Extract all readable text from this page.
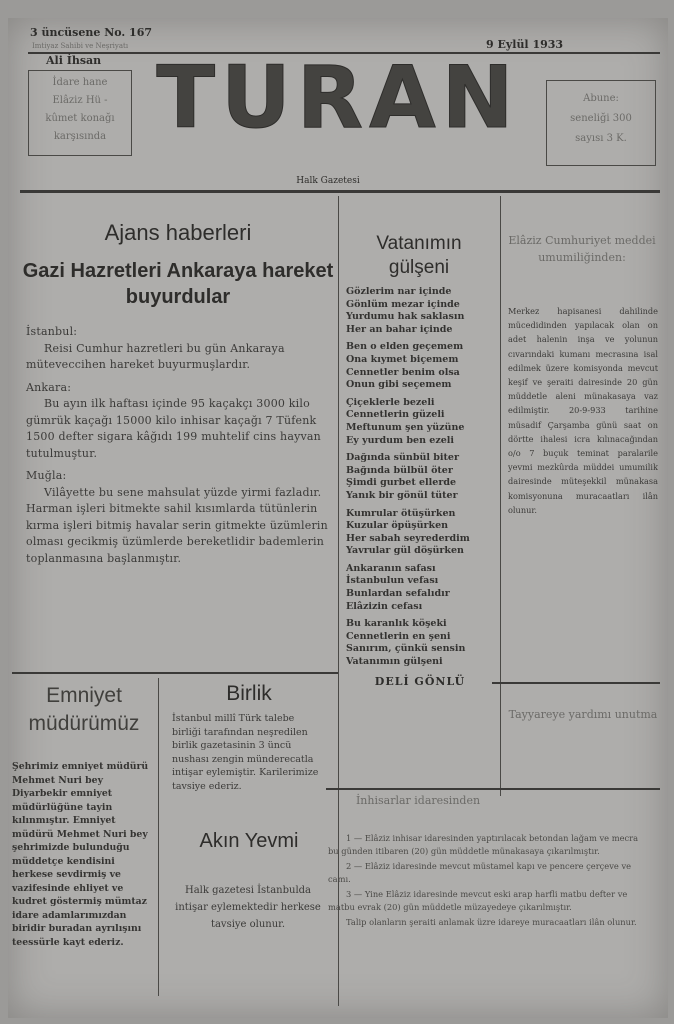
3 üncüsene No. 167
9 Eylül 1933
Imtiyaz Sahibi ve Neşriyatı
Ali İhsan
İdare hane
Elâziz Hü -
kûmet konağı
karşısında TURAN
Halk Gazetesi
Abune:
seneliği 300
sayısı 3 K.
Ajans haberleri
Gazi Hazretleri Ankaraya hareket buyurdular
İstanbul:
Reisi Cumhur hazretleri bu gün Ankaraya müteveccihen hareket buyurmuşlardır.
Ankara:
Bu ayın ilk haftası içinde 95 kaçakçı 3000 kilo gümrük kaçağı 15000 kilo inhisar kaçağı 7 Tüfenk 1500 defter sigara kâğıdı 199 muhtelif cins hayvan tutulmuştur.
Muğla:
Vilâyette bu sene mahsulat yüzde yirmi fazladır. Harman işleri bitmekte sahil kısımlarda tütünlerin kırma işleri bitmiş havalar serin gitmekte üzümlerin olması gecikmiş üzümlerde bereketlidir bademlerin toplanmasına başlanmıştır.
Vatanımın gülşeni
Gözlerim nar içinde
Gönlüm mezar içinde
Yurdumu hak saklasın
Her an bahar içinde
Ben o elden geçemem
Ona kıymet biçemem
Cennetler benim olsa
Onun gibi seçemem
Çiçeklerle bezeli
Cennetlerin güzeli
Meftunum şen yüzüne
Ey yurdum ben ezeli
Dağında sünbül biter
Bağında bülbül öter
Şimdi gurbet ellerde
Yanık bir gönül tüter
Kumrular ötüşürken
Kuzular öpüşürken
Her sabah seyrederdim
Yavrular gül döşürken
Ankaranın safası
İstanbulun vefası
Bunlardan sefalıdır
Elâzizin cefası
Bu karanlık köşeki
Cennetlerin en şeni
Sanırım, çünkü sensin
Vatanımın gülşeni
DELİ GÖNLÜ
Elâziz Cumhuriyet meddei umumiliğinden:
Merkez hapisanesi dahilinde mücedidinden yapılacak olan on adet halenin inşa ve yolunun cıvarındaki kumanı mecrasına isal edilmek üzere komisyonda mevcut keşif ve şeraiti dairesinde 20 gün müddetle aleni münakasaya vaz edilmiştir. 20-9-933 tarihine müsadif Çarşamba günü saat on dörtte ihalesi icra kılınacağından o/o 7 buçuk teminat paralarile yevmi mezkûrda müddei umumilik dairesinde müteşekkil münakasa komisyonuna muracaatları ilân olunur.
Tayyareye yardımı unutma
Emniyet müdürümüz
Şehrimiz emniyet müdürü Mehmet Nuri bey Diyarbekir emniyet müdürlüğüne tayin kılınmıştır. Emniyet müdürü Mehmet Nuri bey şehrimizde bulunduğu müddetçe kendisini herkese sevdirmiş ve vazifesinde ehliyet ve kudret göstermiş mümtaz idare adamlarımızdan biridir buradan ayrılışını teessürle kayt ederiz.
Birlik
İstanbul millî Türk talebe birliği tarafından neşredilen birlik gazetasinin 3 üncü nushası zengin münderecatla intişar eylemiştir. Karilerimize tavsiye ederiz.
Akın Yevmi
Halk gazetesi İstanbulda intişar eylemektedir herkese tavsiye olunur.
İnhisarlar idaresinden
1 — Elâziz inhisar idaresinden yaptırılacak betondan lağam ve mecra bu günden itibaren (20) gün müddetle münakasaya çıkarılmıştır.
2 — Elâziz idaresinde mevcut müstamel kapı ve pencere çerçeve ve camı.
3 — Yine Elâziz idaresinde mevcut eski arap harfli matbu defter ve matbu evrak (20) gün müddetle müzayedeye çıkarılmıştır.
Talip olanların şeraiti anlamak üzre idareye muracaatları ilân olunur.
